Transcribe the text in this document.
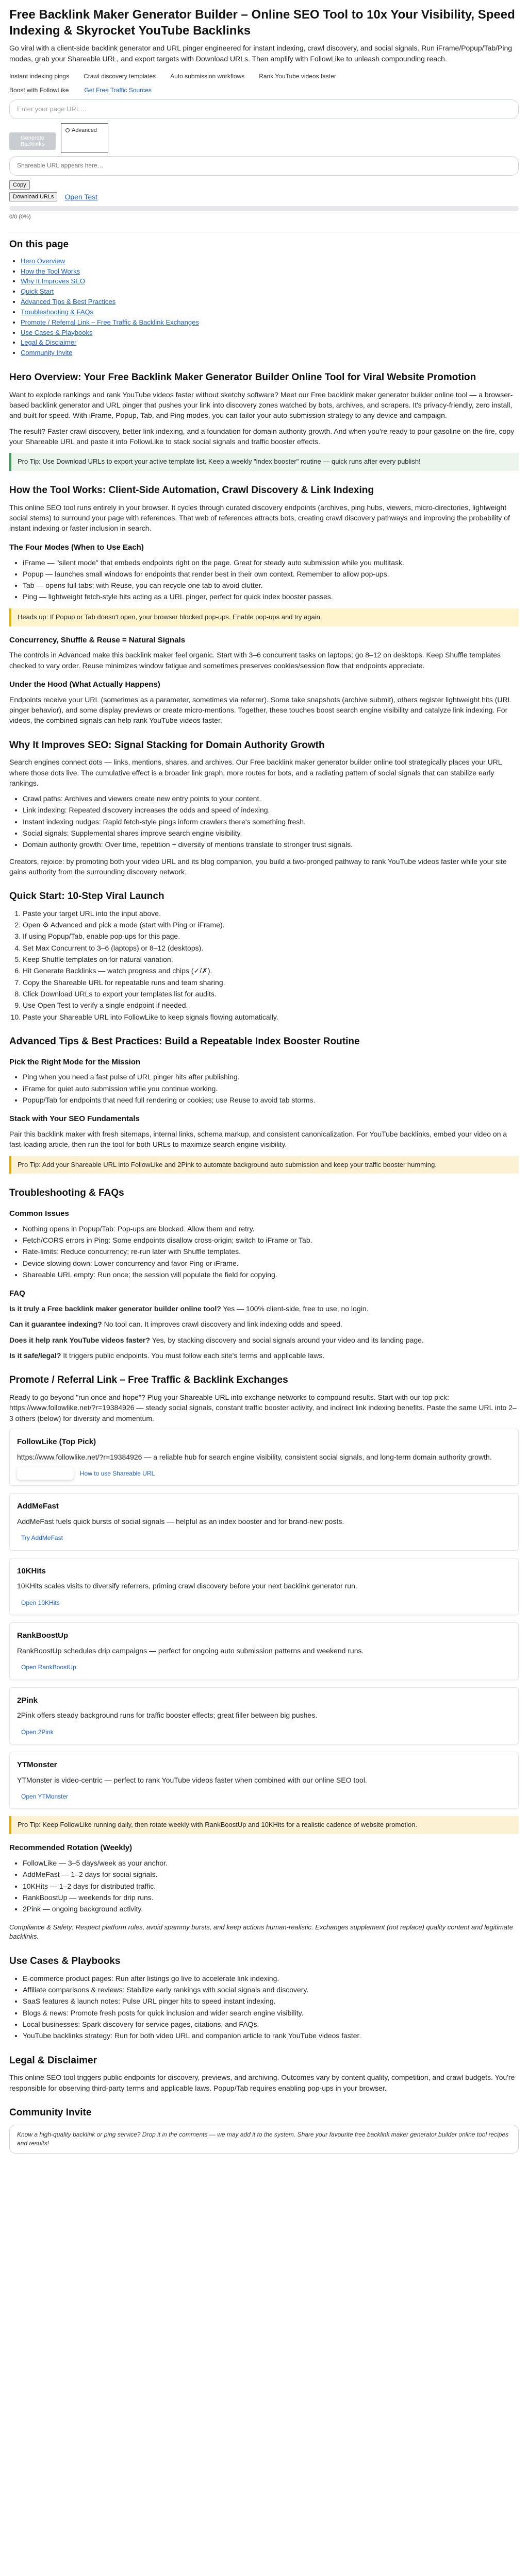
Free Backlink Maker Generator Builder – Online SEO Tool to 10x Your Visibility, Speed Indexing & Skyrocket YouTube Backlinks

Go viral with a client-side backlink generator and URL pinger engineered for instant indexing, crawl discovery, and social signals. Run iFrame/Popup/Tab/Ping modes, grab your Shareable URL, and export targets with Download URLs. Then amplify with FollowLike to unleash compounding reach.

Instant indexing pings Crawl discovery templates Auto submission workflows Rank YouTube videos faster
Boost with FollowLike	Get Free Traffic Sources
Enter your page URL…
Generate Backlinks
Advanced
Shareable URL appears here…
Copy
Download URLs	Open Test
0/0 (0%)
On this page
• Hero Overview
• How the Tool Works
• Why It Improves SEO
• Quick Start
• Advanced Tips & Best Practices
• Troubleshooting & FAQs
• Promote / Referral Link – Free Traffic & Backlink Exchanges
• Use Cases & Playbooks
• Legal & Disclaimer
• Community Invite
Hero Overview: Your Free Backlink Maker Generator Builder Online Tool for Viral Website Promotion

Want to explode rankings and rank YouTube videos faster without sketchy software? Meet our Free backlink maker generator builder online tool — a browser-based backlink generator and URL pinger that pushes your link into discovery zones watched by bots, archives, and scrapers. It's privacy-friendly, zero install, and built for speed. With iFrame, Popup, Tab, and Ping modes, you can tailor your auto submission strategy to any device and campaign.

The result? Faster crawl discovery, better link indexing, and a foundation for domain authority growth. And when you're ready to pour gasoline on the fire, copy your Shareable URL and paste it into FollowLike to stack social signals and traffic booster effects.

Pro Tip: Use Download URLs to export your active template list. Keep a weekly "index booster" routine — quick runs after every publish!
How the Tool Works: Client-Side Automation, Crawl Discovery & Link Indexing

This online SEO tool runs entirely in your browser. It cycles through curated discovery endpoints (archives, ping hubs, viewers, micro-directories, lightweight social stems) to surround your page with references. That web of references attracts bots, creating crawl discovery pathways and improving the probability of instant indexing or faster inclusion in search.

The Four Modes (When to Use Each)
• iFrame — "silent mode" that embeds endpoints right on the page. Great for steady auto submission while you multitask.
• Popup — launches small windows for endpoints that render best in their own context. Remember to allow pop-ups.
• Tab — opens full tabs; with Reuse, you can recycle one tab to avoid clutter.
• Ping — lightweight fetch-style hits acting as a URL pinger, perfect for quick index booster passes.
Heads up: If Popup or Tab doesn't open, your browser blocked pop-ups. Enable pop-ups and try again.
Concurrency, Shuffle & Reuse = Natural Signals

The controls in Advanced make this backlink maker feel organic. Start with 3–6 concurrent tasks on laptops; go 8–12 on desktops. Keep Shuffle templates checked to vary order. Reuse minimizes window fatigue and sometimes preserves cookies/session flow that endpoints appreciate.

Under the Hood (What Actually Happens)

Endpoints receive your URL (sometimes as a parameter, sometimes via referrer). Some take snapshots (archive submit), others register lightweight hits (URL pinger behavior), and some display previews or create micro-mentions. Together, these touches boost search engine visibility and catalyze link indexing. For videos, the combined signals can help rank YouTube videos faster.

Why It Improves SEO: Signal Stacking for Domain Authority Growth

Search engines connect dots — links, mentions, shares, and archives. Our Free backlink maker generator builder online tool strategically places your URL where those dots live. The cumulative effect is a broader link graph, more routes for bots, and a radiating pattern of social signals that can stabilize early rankings.

• Crawl paths: Archives and viewers create new entry points to your content.
• Link indexing: Repeated discovery increases the odds and speed of indexing.
• Instant indexing nudges: Rapid fetch-style pings inform crawlers there's something fresh.
• Social signals: Supplemental shares improve search engine visibility.
• Domain authority growth: Over time, repetition + diversity of mentions translate to stronger trust signals.

Creators, rejoice: by promoting both your video URL and its blog companion, you build a two-pronged pathway to rank YouTube videos faster while your site gains authority from the surrounding discovery network.

Quick Start: 10-Step Viral Launch
1. Paste your target URL into the input above.
2. Open ⚙ Advanced and pick a mode (start with Ping or iFrame).
3. If using Popup/Tab, enable pop-ups for this page.
4. Set Max Concurrent to 3–6 (laptops) or 8–12 (desktops).
5. Keep Shuffle templates on for natural variation.
6. Hit Generate Backlinks — watch progress and chips (✓/✗).
7. Copy the Shareable URL for repeatable runs and team sharing.
8. Click Download URLs to export your templates list for audits.
9. Use Open Test to verify a single endpoint if needed.
10. Paste your Shareable URL into FollowLike to keep signals flowing automatically.
Advanced Tips & Best Practices: Build a Repeatable Index Booster Routine
Pick the Right Mode for the Mission
• Ping when you need a fast pulse of URL pinger hits after publishing.
• iFrame for quiet auto submission while you continue working.
• Popup/Tab for endpoints that need full rendering or cookies; use Reuse to avoid tab storms.
Stack with Your SEO Fundamentals

Pair this backlink maker with fresh sitemaps, internal links, schema markup, and consistent canonicalization. For YouTube backlinks, embed your video on a fast-loading article, then run the tool for both URLs to maximize search engine visibility.

Pro Tip: Add your Shareable URL into FollowLike and 2Pink to automate background auto submission and keep your traffic booster humming.
Troubleshooting & FAQs
Common Issues
• Nothing opens in Popup/Tab: Pop-ups are blocked. Allow them and retry.
• Fetch/CORS errors in Ping: Some endpoints disallow cross-origin; switch to iFrame or Tab.
• Rate-limits: Reduce concurrency; re-run later with Shuffle templates.
• Device slowing down: Lower concurrency and favor Ping or iFrame.
• Shareable URL empty: Run once; the session will populate the field for copying.
FAQ

Is it truly a Free backlink maker generator builder online tool? Yes — 100% client-side, free to use, no login.

Can it guarantee indexing? No tool can. It improves crawl discovery and link indexing odds and speed.

Does it help rank YouTube videos faster? Yes, by stacking discovery and social signals around your video and its landing page.

Is it safe/legal? It triggers public endpoints. You must follow each site's terms and applicable laws.

Promote / Referral Link – Free Traffic & Backlink Exchanges

Ready to go beyond "run once and hope"? Plug your Shareable URL into exchange networks to compound results. Start with our top pick: https://www.followlike.net/?r=19384926 — steady social signals, constant traffic booster activity, and indirect link indexing benefits. Paste the same URL into 2–3 others (below) for diversity and momentum.

FollowLike (Top Pick)

https://www.followlike.net/?r=19384926 — a reliable hub for search engine visibility, consistent social signals, and long-term domain authority growth.

How to use Shareable URL
AddMeFast

AddMeFast fuels quick bursts of social signals — helpful as an index booster and for brand-new posts.

Try AddMeFast
10KHits

10KHits scales visits to diversify referrers, priming crawl discovery before your next backlink generator run.

Open 10KHits
RankBoostUp

RankBoostUp schedules drip campaigns — perfect for ongoing auto submission patterns and weekend runs.

Open RankBoostUp
2Pink

2Pink offers steady background runs for traffic booster effects; great filler between big pushes.

Open 2Pink
YTMonster

YTMonster is video-centric — perfect to rank YouTube videos faster when combined with our online SEO tool.

Open YTMonster
Pro Tip: Keep FollowLike running daily, then rotate weekly with RankBoostUp and 10KHits for a realistic cadence of website promotion.
Recommended Rotation (Weekly)
• FollowLike — 3–5 days/week as your anchor.
• AddMeFast — 1–2 days for social signals.
• 10KHits — 1–2 days for distributed traffic.
• RankBoostUp — weekends for drip runs.
• 2Pink — ongoing background activity.

Compliance & Safety: Respect platform rules, avoid spammy bursts, and keep actions human-realistic. Exchanges supplement (not replace) quality content and legitimate backlinks.

Use Cases & Playbooks
• E-commerce product pages: Run after listings go live to accelerate link indexing.
• Affiliate comparisons & reviews: Stabilize early rankings with social signals and discovery.
• SaaS features & launch notes: Pulse URL pinger hits to speed instant indexing.
• Blogs & news: Promote fresh posts for quick inclusion and wider search engine visibility.
• Local businesses: Spark discovery for service pages, citations, and FAQs.
• YouTube backlinks strategy: Run for both video URL and companion article to rank YouTube videos faster.
Legal & Disclaimer

This online SEO tool triggers public endpoints for discovery, previews, and archiving. Outcomes vary by content quality, competition, and crawl budgets. You're responsible for observing third-party terms and applicable laws. Popup/Tab requires enabling pop-ups in your browser.

Community Invite
Know a high-quality backlink or ping service? Drop it in the comments — we may add it to the system. Share your favourite free backlink maker generator builder online tool recipes and results!
